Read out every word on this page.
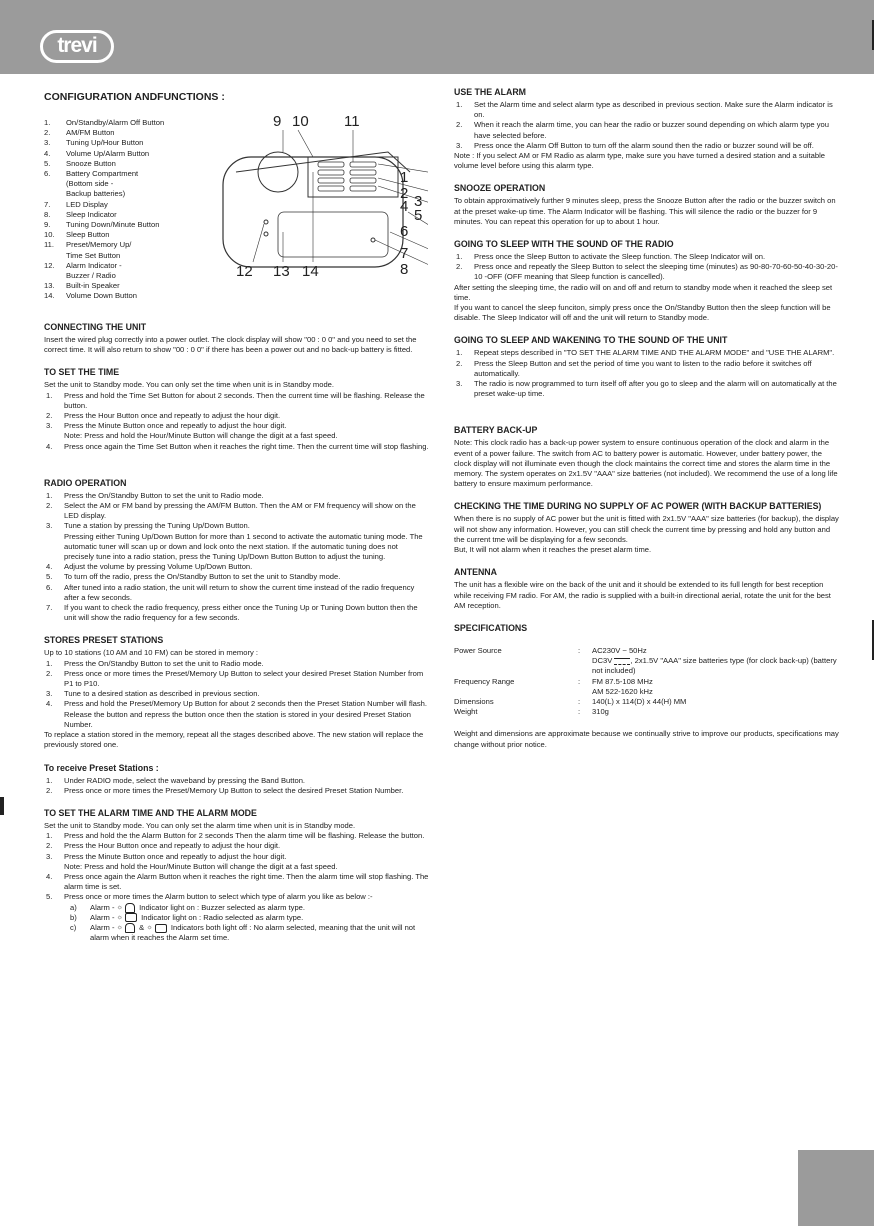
trevi
CONFIGURATION ANDFUNCTIONS :
1. On/Standby/Alarm Off Button
2. AM/FM Button
3. Tuning Up/Hour Button
4. Volume Up/Alarm Button
5. Snooze Button
6. Battery Compartment
(Bottom side -
Backup batteries)
7. LED Display
8. Sleep Indicator
9. Tuning Down/Minute Button
10. Sleep Button
11. Preset/Memory Up/
Time Set Button
12. Alarm Indicator -
Buzzer / Radio
13. Built-in Speaker
14. Volume Down Button
9 10 11
1
2 3
4
5
6
7
8
12 13 14
CONNECTING THE UNIT

Insert the wired plug correctly into a power outlet. The clock display will show "00 : 0 0" and you need to set the correct time. It will also return to show "00 : 0 0" if there has been a power out and no back-up battery is fitted.

TO SET THE TIME

Set the unit to Standby mode. You can only set the time when unit is in Standby mode.

1. Press and hold the Time Set Button for about 2 seconds. Then the current time will be flashing. Release the button.
2. Press the Hour Button once and repeatly to adjust the hour digit.
3. Press the Minute Button once and repeatly to adjust the hour digit.
Note: Press and hold the Hour/Minute Button will change the digit at a fast speed.
4. Press once again the Time Set Button when it reaches the right time. Then the current time will stop flashing.
RADIO OPERATION
1. Press the On/Standby Button to set the unit to Radio mode.
2. Select the AM or FM band by pressing the AM/FM Button. Then the AM or FM frequency will show on the LED display.
3. Tune a station by pressing the Tuning Up/Down Button.
Pressing either Tuning Up/Down Button for more than 1 second to activate the automatic tuning mode. The automatic tuner will scan up or down and lock onto the next station. If the automatic tuning does not precisely tune into a radio station, press the Tuning Up/Down Button Button to adjust the tuning.
4. Adjust the volume by pressing Volume Up/Down Button.
5. To turn off the radio, press the On/Standby Button to set the unit to Standby mode.
6. After tuned into a radio station, the unit will return to show the current time instead of the radio frequency after a few seconds.
7. If you want to check the radio frequency, press either once the Tuning Up or Tuning Down button then the unit will show the radio frequency for a few seconds.
STORES PRESET STATIONS

Up to 10 stations (10 AM and 10 FM) can be stored in memory :

1. Press the On/Standby Button to set the unit to Radio mode.
2. Press once or more times the Preset/Memory Up Button to select your desired Preset Station Number from P1 to P10.
3. Tune to a desired station as described in previous section.
4. Press and hold the Preset/Memory Up Button for about 2 seconds then the Preset Station Number will flash. Release the button and repress the button once then the station is stored in your desired Preset Station Number.

To replace a station stored in the memory, repeat all the stages described above. The new station will replace the previously stored one.

To receive Preset Stations :
1. Under RADIO mode, select the waveband by pressing the Band Button.
2. Press once or more times the Preset/Memory Up Button to select the desired Preset Station Number.
TO SET THE ALARM TIME AND THE ALARM MODE

Set the unit to Standby mode. You can only set the alarm time when unit is in Standby mode.

1. Press and hold the the Alarm Button for 2 seconds Then the alarm time will be flashing. Release the button.
2. Press the Hour Button once and repeatly to adjust the hour digit.
3. Press the Minute Button once and repeatly to adjust the hour digit.
Note: Press and hold the Hour/Minute Button will change the digit at a fast speed.
4. Press once again the Alarm Button when it reaches the right time. Then the alarm time will stop flashing. The alarm time is set.
5. Press once or more times the Alarm button to select which type of alarm you like as below :-
a) Alarm - ☼ Indicator light on : Buzzer selected as alarm type.
b) Alarm - ☼ Indicator light on : Radio selected as alarm type.
c) Alarm - ☼ & ☼ Indicators both light off : No alarm selected, meaning that the unit will not alarm when it reaches the Alarm set time.
USE THE ALARM
1. Set the Alarm time and select alarm type as described in previous section. Make sure the Alarm indicator is on.
2. When it reach the alarm time, you can hear the radio or buzzer sound depending on which alarm type you have selected before.
3. Press once the Alarm Off Button to turn off the alarm sound then the radio or buzzer sound will be off.

Note : If you select AM or FM Radio as alarm type, make sure you have turned a desired station and a suitable volume level before using this alarm type.

SNOOZE OPERATION

To obtain approximatively further 9 minutes sleep, press the Snooze Button after the radio or the buzzer switch on at the preset wake-up time. The Alarm Indicator will be flashing. This will silence the radio or the buzzer for 9 minutes. You can repeat this operation for up to about 1 hour.

GOING TO SLEEP WITH THE SOUND OF THE RADIO
1. Press once the Sleep Button to activate the Sleep function. The Sleep Indicator will on.
2. Press once and repeatly the Sleep Button to select the sleeping time (minutes) as 90-80-70-60-50-40-30-20-10 -OFF (OFF meaning that Sleep function is cancelled).

After setting the sleeping time, the radio will on and off and return to standby mode when it reached the sleep set time.

If you want to cancel the sleep funciton, simply press once the On/Standby Button then the sleep function will be disable. The Sleep Indicator will off and the unit will return to Standby mode.

GOING TO SLEEP AND WAKENING TO THE SOUND OF THE UNIT
1. Repeat steps described in "TO SET THE ALARM TIME AND THE ALARM MODE" and "USE THE ALARM".
2. Press the Sleep Button and set the period of time you want to listen to the radio before it switches off automatically.
3. The radio is now programmed to turn itself off after you go to sleep and the alarm will on automatically at the preset wake-up time.
BATTERY BACK-UP

Note: This clock radio has a back-up power system to ensure continuous operation of the clock and alarm in the event of a power failure. The switch from AC to battery power is automatic. However, under battery power, the clock display will not illuminate even though the clock maintains the correct time and stores the alarm time in the memory. The system operates on 2x1.5V "AAA" size batteries (not included). We recommend the use of a long life battery to ensure maximum performance.

CHECKING THE TIME DURING NO SUPPLY OF AC POWER (WITH BACKUP BATTERIES)

When there is no supply of AC power but the unit is fitted with 2x1.5V "AAA" size batteries (for backup), the display will not show any information. However, you can still check the current time by pressing and hold any button and the current tme will be displaying for a few seconds.

But, It will not alarm when it reaches the preset alarm time.

ANTENNA

The unit has a flexible wire on the back of the unit and it should be extended to its full length for best reception while receiving FM radio. For AM, the radio is supplied with a built-in directional aerial, rotate the unit for the best AM reception.

SPECIFICATIONS
Power Source	: AC230V ~ 50Hz
DC3V , 2x1.5V "AAA" size batteries type (for clock back-up) (battery not included)
Frequency Range	: FM 87.5-108 MHz
AM 522-1620 kHz
Dimensions	:	140(L) x 114(D) x 44(H) MM
Weight	:	310g

Weight and dimensions are approximate because we continually strive to improve our products, specifications may change without prior notice.
